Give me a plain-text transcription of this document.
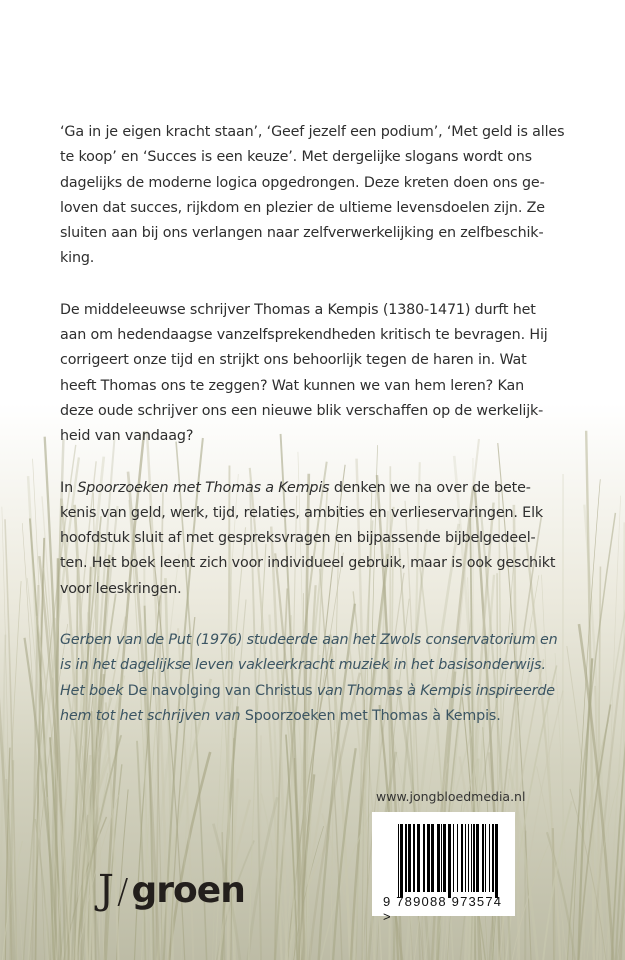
‘Ga in je eigen kracht staan’, ‘Geef jezelf een podium’, ‘Met geld is alles
te koop’ en ‘Succes is een keuze’. Met dergelijke slogans wordt ons
dagelijks de moderne logica opgedrongen. Deze kreten doen ons ge-
loven dat succes, rijkdom en plezier de ultieme levensdoelen zijn. Ze
sluiten aan bij ons verlangen naar zelfverwerkelijking en zelfbeschik-
king.
De middeleeuwse schrijver Thomas a Kempis (1380-1471) durft het
aan om hedendaagse vanzelfsprekendheden kritisch te bevragen. Hij
corrigeert onze tijd en strijkt ons behoorlijk tegen de haren in. Wat
heeft Thomas ons te zeggen? Wat kunnen we van hem leren? Kan
deze oude schrijver ons een nieuwe blik verschaffen op de werkelijk-
heid van vandaag?
In Spoorzoeken met Thomas a Kempis denken we na over de bete-
kenis van geld, werk, tijd, relaties, ambities en verlieservaringen. Elk
hoofdstuk sluit af met gespreksvragen en bijpassende bijbelgedeel-
ten. Het boek leent zich voor individueel gebruik, maar is ook geschikt
voor leeskringen.
Gerben van de Put (1976) studeerde aan het Zwols conservatorium en
is in het dagelijkse leven vakleerkracht muziek in het basisonderwijs.
Het boek De navolging van Christus van Thomas à Kempis inspireerde
hem tot het schrijven van Spoorzoeken met Thomas à Kempis.
www.jongbloedmedia.nl
9 789088 973574 >
J / groen
